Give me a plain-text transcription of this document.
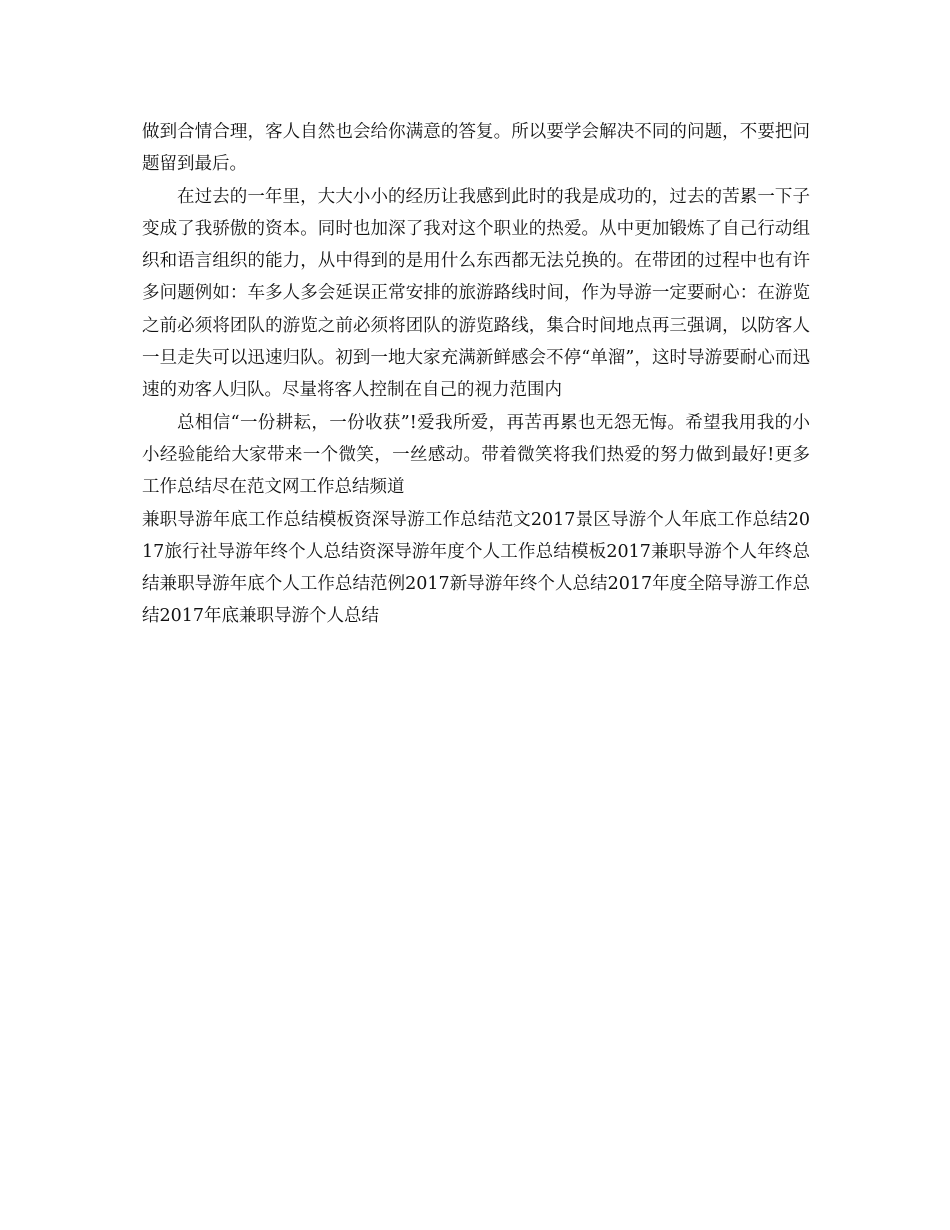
做到合情合理，客人自然也会给你满意的答复。所以要学会解决不同的问题，不要把问题留到最后。

在过去的一年里，大大小小的经历让我感到此时的我是成功的，过去的苦累一下子变成了我骄傲的资本。同时也加深了我对这个职业的热爱。从中更加锻炼了自己行动组织和语言组织的能力，从中得到的是用什么东西都无法兑换的。在带团的过程中也有许多问题例如：车多人多会延误正常安排的旅游路线时间，作为导游一定要耐心：在游览之前必须将团队的游览之前必须将团队的游览路线，集合时间地点再三强调，以防客人一旦走失可以迅速归队。初到一地大家充满新鲜感会不停“单溜”，这时导游要耐心而迅速的劝客人归队。尽量将客人控制在自己的视力范围内

总相信“一份耕耘，一份收获”!爱我所爱，再苦再累也无怨无悔。希望我用我的小小经验能给大家带来一个微笑，一丝感动。带着微笑将我们热爱的努力做到最好!更多工作总结尽在范文网工作总结频道

兼职导游年底工作总结模板资深导游工作总结范文2017景区导游个人年底工作总结2017旅行社导游年终个人总结资深导游年度个人工作总结模板2017兼职导游个人年终总结兼职导游年底个人工作总结范例2017新导游年终个人总结2017年度全陪导游工作总结2017年底兼职导游个人总结
